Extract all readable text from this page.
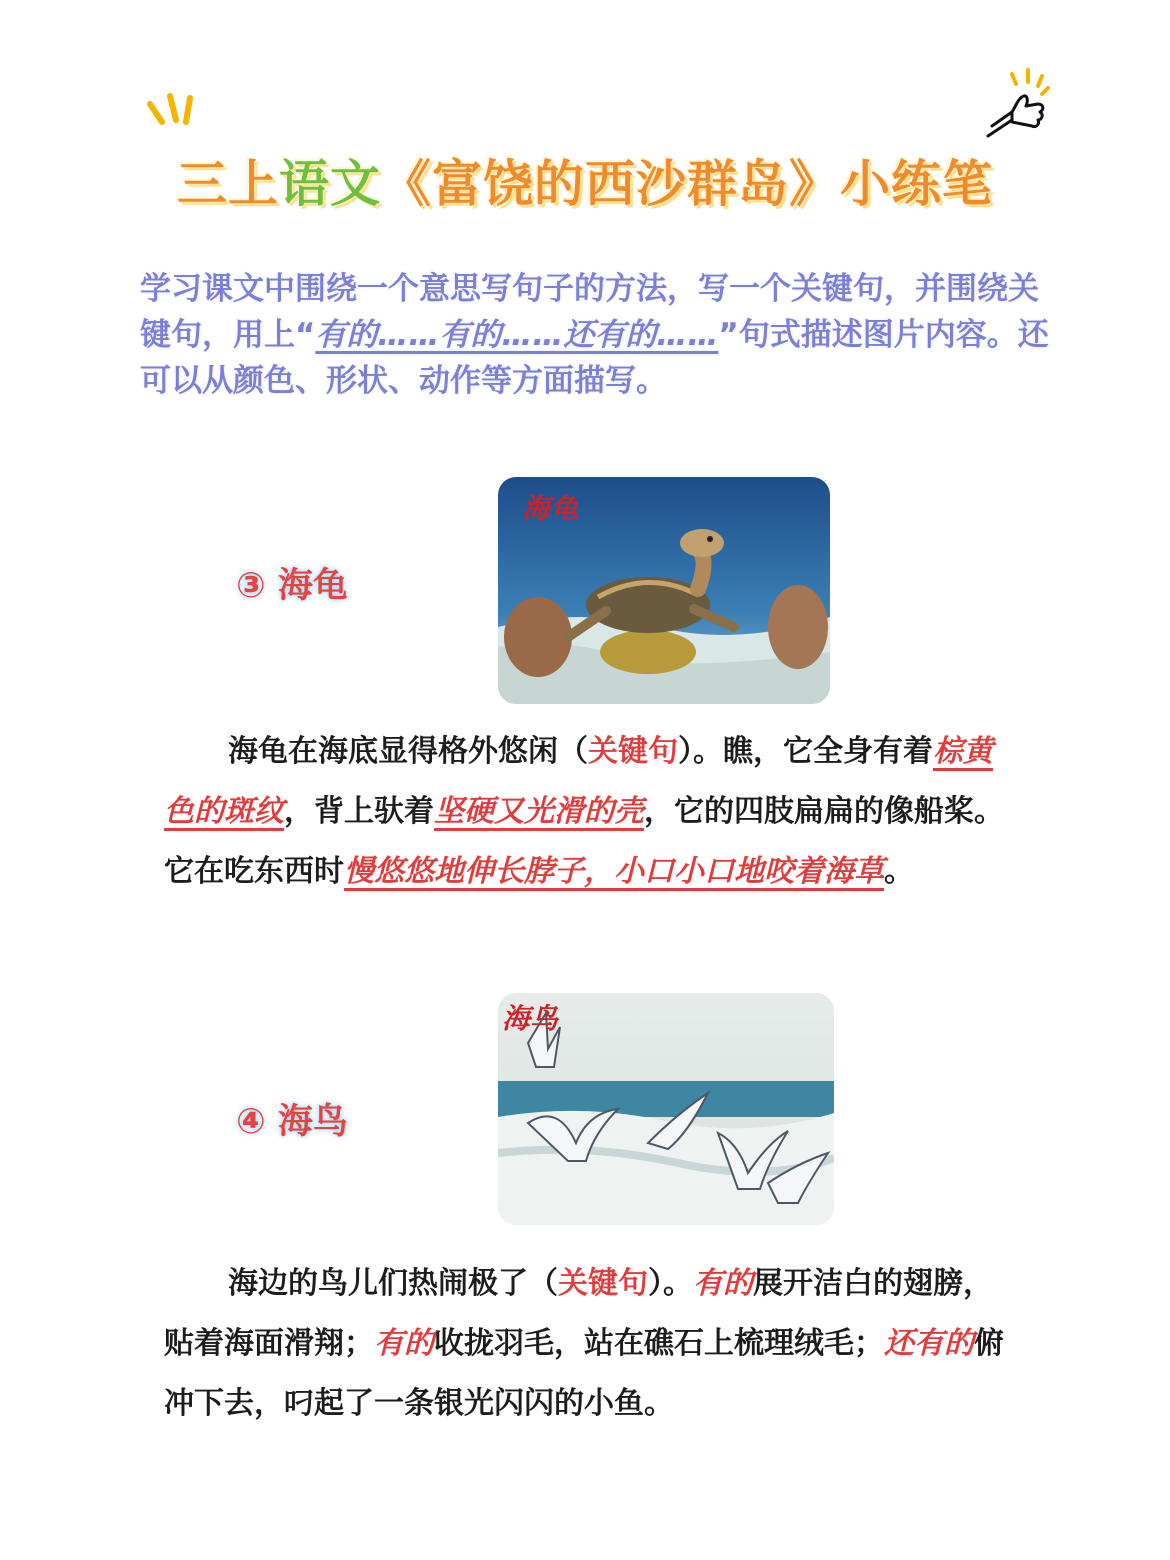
三上语文《富饶的西沙群岛》小练笔
学习课文中围绕一个意思写句子的方法，写一个关键句，并围绕关键句，用上“有的……有的……还有的……”句式描述图片内容。还可以从颜色、形状、动作等方面描写。
③ 海龟
海龟
海龟在海底显得格外悠闲（关键句）。瞧，它全身有着棕黄色的斑纹，背上驮着坚硬又光滑的壳，它的四肢扁扁的像船桨。它在吃东西时慢悠悠地伸长脖子，小口小口地咬着海草。
④ 海鸟
海鸟
海边的鸟儿们热闹极了（关键句）。有的展开洁白的翅膀，贴着海面滑翔；有的收拢羽毛，站在礁石上梳理绒毛；还有的俯冲下去，叼起了一条银光闪闪的小鱼。
